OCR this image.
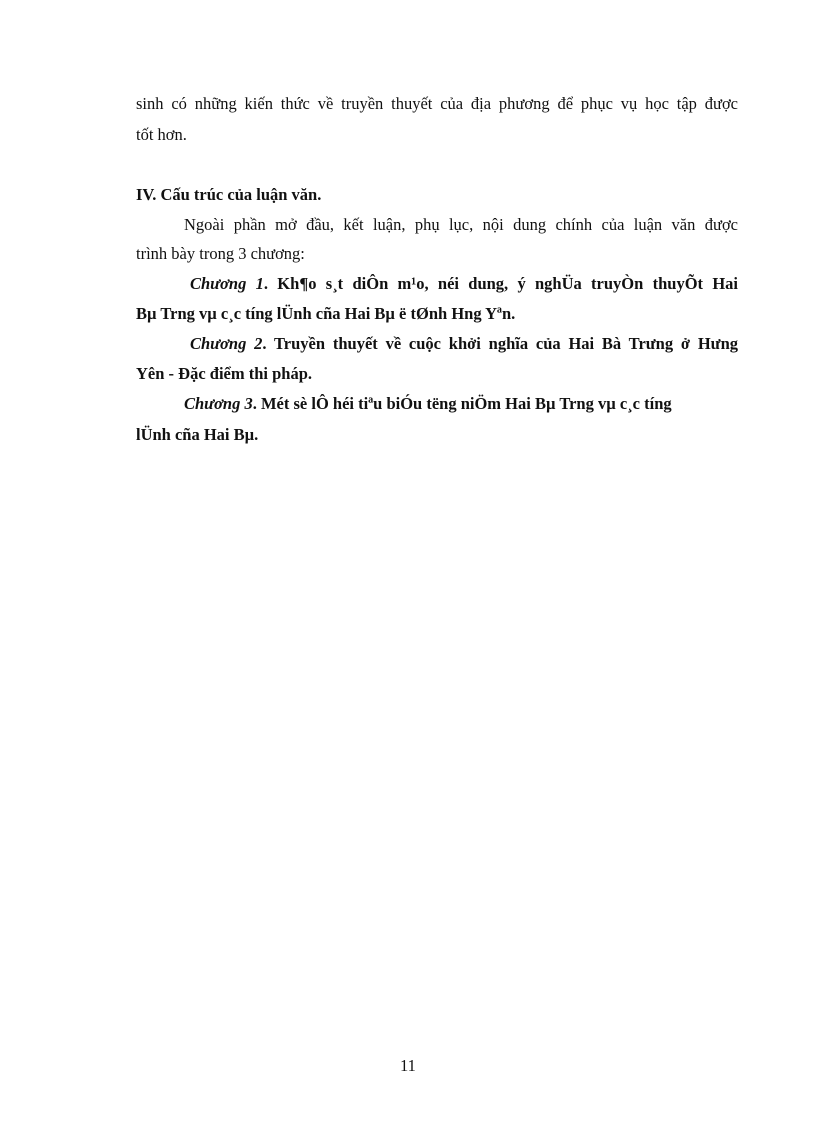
sinh có những kiến thức về truyền thuyết của địa phương để phục vụ học tập được
tốt hơn.
IV. Cấu trúc của luận văn.
Ngoài phần mở đầu, kết luận, phụ lục, nội dung chính của luận văn được
trình bày trong 3 chương:
Chương 1. Kh¶o s¸t diÔn m¹o, néi dung, ý nghÜa truyÒn thuyÕt Hai
Bµ Trng vµ c¸c tíng lÜnh cña Hai Bµ ë tØnh Hng Yªn.
Chương 2. Truyền thuyết về cuộc khởi nghĩa của Hai Bà Trưng ở Hưng
Yên - Đặc điểm thi pháp.
Chương 3. Mét sè lÔ héi tiªu biÓu tëng niÖm Hai Bµ Trng vµ c¸c tíng
lÜnh cña Hai Bµ.
11
